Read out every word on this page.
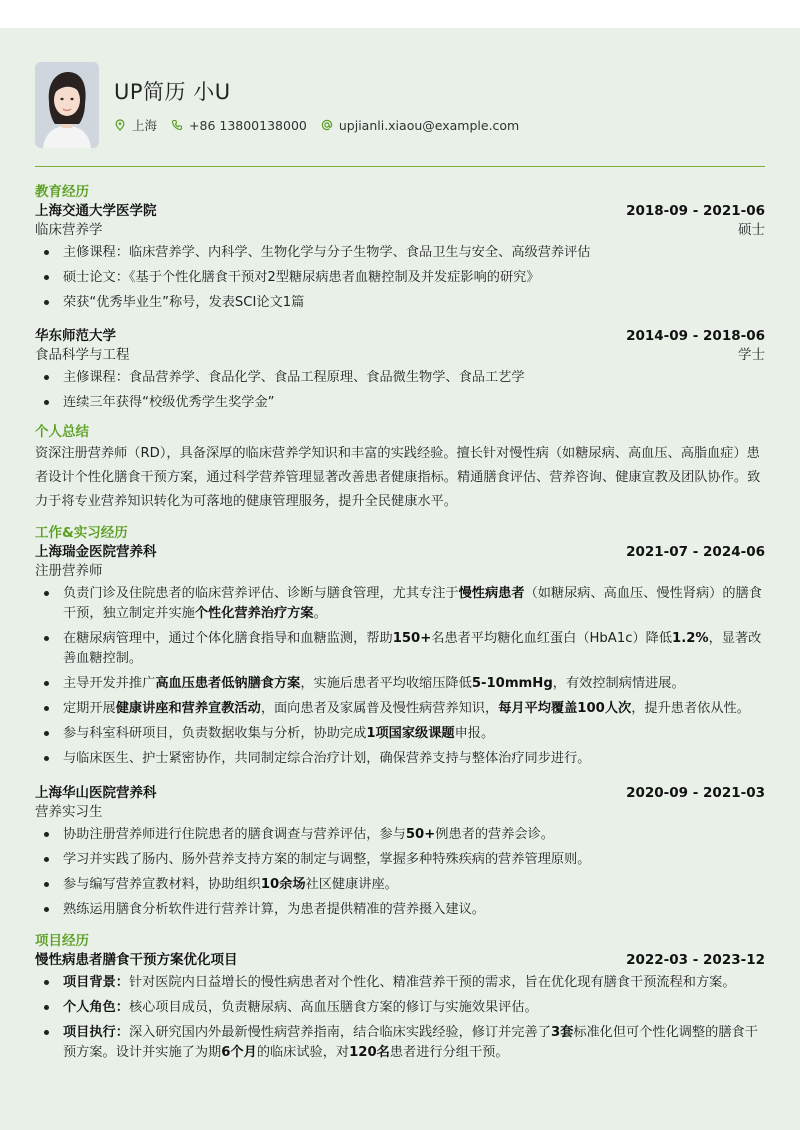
UP简历 小U
上海	+86 13800138000	upjianli.xiaou@example.com
教育经历
上海交通大学医学院	2018-09 - 2021-06
临床营养学	硕士
主修课程：临床营养学、内科学、生物化学与分子生物学、食品卫生与安全、高级营养评估
硕士论文：《基于个性化膳食干预对2型糖尿病患者血糖控制及并发症影响的研究》
荣获“优秀毕业生”称号，发表SCI论文1篇
华东师范大学	2014-09 - 2018-06
食品科学与工程	学士
主修课程：食品营养学、食品化学、食品工程原理、食品微生物学、食品工艺学
连续三年获得“校级优秀学生奖学金”
个人总结
资深注册营养师（RD），具备深厚的临床营养学知识和丰富的实践经验。擅长针对慢性病（如糖尿病、高血压、高脂血症）患者设计个性化膳食干预方案，通过科学营养管理显著改善患者健康指标。精通膳食评估、营养咨询、健康宣教及团队协作。致力于将专业营养知识转化为可落地的健康管理服务，提升全民健康水平。
工作&实习经历
上海瑞金医院营养科	2021-07 - 2024-06
注册营养师
负责门诊及住院患者的临床营养评估、诊断与膳食管理，尤其专注于慢性病患者（如糖尿病、高血压、慢性肾病）的膳食干预，独立制定并实施个性化营养治疗方案。
在糖尿病管理中，通过个体化膳食指导和血糖监测，帮助150+名患者平均糖化血红蛋白（HbA1c）降低1.2%，显著改善血糖控制。
主导开发并推广高血压患者低钠膳食方案，实施后患者平均收缩压降低5-10mmHg，有效控制病情进展。
定期开展健康讲座和营养宣教活动，面向患者及家属普及慢性病营养知识，每月平均覆盖100人次，提升患者依从性。
参与科室科研项目，负责数据收集与分析，协助完成1项国家级课题申报。
与临床医生、护士紧密协作，共同制定综合治疗计划，确保营养支持与整体治疗同步进行。
上海华山医院营养科	2020-09 - 2021-03
营养实习生
协助注册营养师进行住院患者的膳食调查与营养评估，参与50+例患者的营养会诊。
学习并实践了肠内、肠外营养支持方案的制定与调整，掌握多种特殊疾病的营养管理原则。
参与编写营养宣教材料，协助组织10余场社区健康讲座。
熟练运用膳食分析软件进行营养计算，为患者提供精准的营养摄入建议。
项目经历
慢性病患者膳食干预方案优化项目	2022-03 - 2023-12
项目背景：针对医院内日益增长的慢性病患者对个性化、精准营养干预的需求，旨在优化现有膳食干预流程和方案。
个人角色：核心项目成员，负责糖尿病、高血压膳食方案的修订与实施效果评估。
项目执行：深入研究国内外最新慢性病营养指南，结合临床实践经验，修订并完善了3套标准化但可个性化调整的膳食干预方案。设计并实施了为期6个月的临床试验，对120名患者进行分组干预。
